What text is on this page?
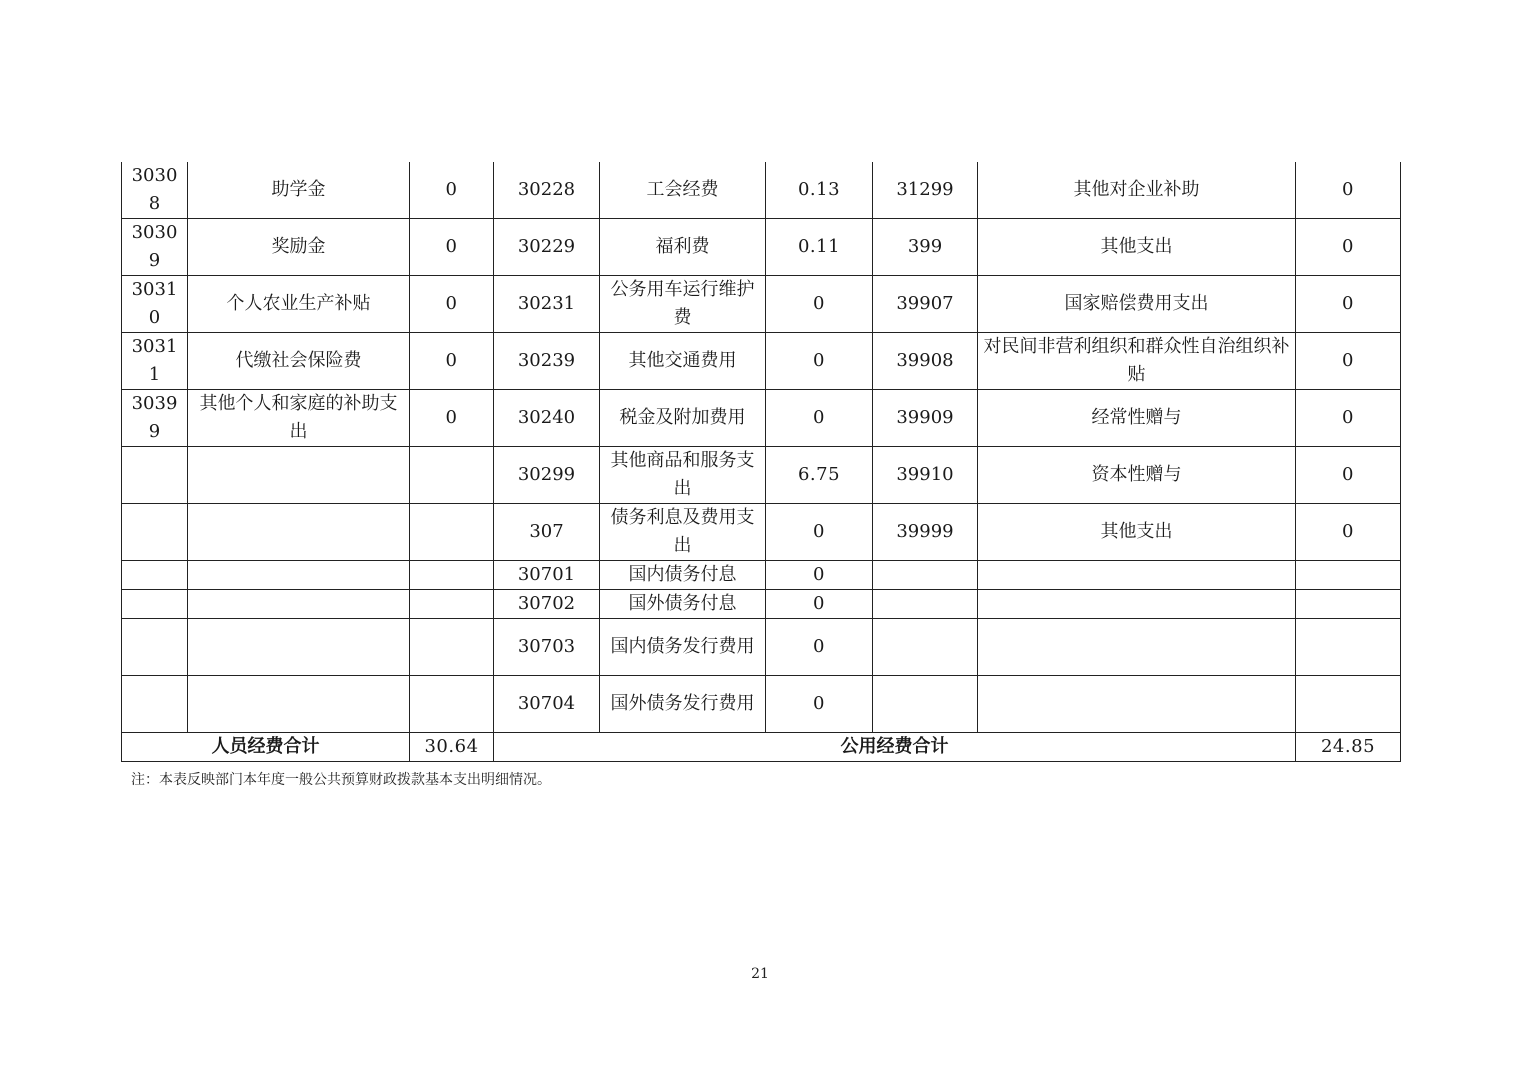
30308	助学金	0	30228	工会经费	0.13	31299	其他对企业补助	0
30309	奖励金	0	30229	福利费	0.11	399	其他支出	0
30310	个人农业生产补贴	0	30231	公务用车运行维护费	0	39907	国家赔偿费用支出	0
30311	代缴社会保险费	0	30239	其他交通费用	0	39908	对民间非营利组织和群众性自治组织补贴	0
30399	其他个人和家庭的补助支出	0	30240	税金及附加费用	0	39909	经常性赠与	0
			30299	其他商品和服务支出	6.75	39910	资本性赠与	0
			307	债务利息及费用支出	0	39999	其他支出	0
			30701	国内债务付息	0			
			30702	国外债务付息	0			
			30703	国内债务发行费用	0			
			30704	国外债务发行费用	0			
人员经费合计		30.64	公用经费合计					24.85
注：本表反映部门本年度一般公共预算财政拨款基本支出明细情况。
21
